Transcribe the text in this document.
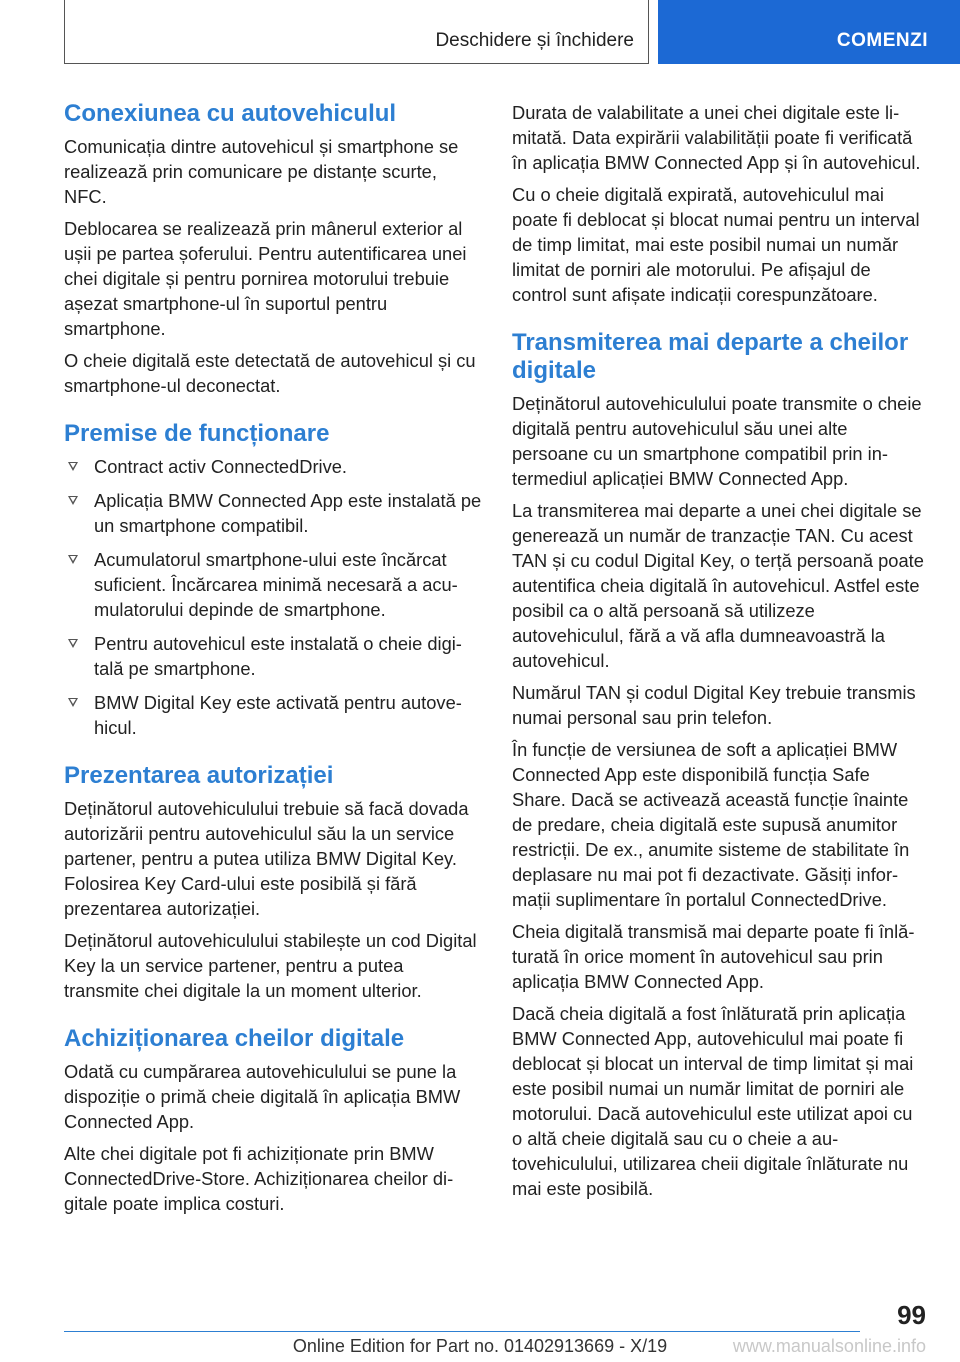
Deschidere și închidere	COMENZI
Conexiunea cu autovehiculul

Comunicația dintre autovehicul și smartphone se realizează prin comunicare pe distanțe scurte, NFC.

Deblocarea se realizează prin mânerul exterior al ușii pe partea șoferului. Pentru autentificarea unei chei digitale și pentru pornirea motorului trebuie așezat smartphone-ul în suportul pentru smartphone.

O cheie digitală este detectată de autovehicul și cu smartphone-ul deconectat.

Premise de funcționare
Contract activ ConnectedDrive.
Aplicația BMW Connected App este instalată pe un smartphone compatibil.
Acumulatorul smartphone-ului este încărcat suficient. Încărcarea minimă necesară a acumulatorului depinde de smartphone.
Pentru autovehicul este instalată o cheie digitală pe smartphone.
BMW Digital Key este activată pentru autovehicul.
Prezentarea autorizației

Deținătorul autovehiculului trebuie să facă dovada autorizării pentru autovehiculul său la un service partener, pentru a putea utiliza BMW Digital Key. Folosirea Key Card-ului este posibilă și fără prezentarea autorizației.

Deținătorul autovehiculului stabilește un cod Digital Key la un service partener, pentru a putea transmite chei digitale la un moment ulterior.

Achiziționarea cheilor digitale

Odată cu cumpărarea autovehiculului se pune la dispoziție o primă cheie digitală în aplicația BMW Connected App.

Alte chei digitale pot fi achiziționate prin BMW ConnectedDrive-Store. Achiziționarea cheilor digitale poate implica costuri.

Durata de valabilitate a unei chei digitale este limitată. Data expirării valabilității poate fi verificată în aplicația BMW Connected App și în autovehicul.

Cu o cheie digitală expirată, autovehiculul mai poate fi deblocat și blocat numai pentru un interval de timp limitat, mai este posibil numai un număr limitat de porniri ale motorului. Pe afișajul de control sunt afișate indicații corespunzătoare.

Transmiterea mai departe a cheilor digitale

Deținătorul autovehiculului poate transmite o cheie digitală pentru autovehiculul său unei alte persoane cu un smartphone compatibil prin intermediul aplicației BMW Connected App.

La transmiterea mai departe a unei chei digitale se generează un număr de tranzacție TAN. Cu acest TAN și cu codul Digital Key, o terță persoană poate autentifica cheia digitală în autovehicul. Astfel este posibil ca o altă persoană să utilizeze autovehiculul, fără a vă afla dumneavoastră la autovehicul.

Numărul TAN și codul Digital Key trebuie transmis numai personal sau prin telefon.

În funcție de versiunea de soft a aplicației BMW Connected App este disponibilă funcția Safe Share. Dacă se activează această funcție înainte de predare, cheia digitală este supusă anumitor restricții. De ex., anumite sisteme de stabilitate în deplasare nu mai pot fi dezactivate. Găsiți informații suplimentare în portalul ConnectedDrive.

Cheia digitală transmisă mai departe poate fi înlăturată în orice moment în autovehicul sau prin aplicația BMW Connected App.

Dacă cheia digitală a fost înlăturată prin aplicația BMW Connected App, autovehiculul mai poate fi deblocat și blocat un interval de timp limitat și mai este posibil numai un număr limitat de porniri ale motorului. Dacă autovehiculul este utilizat apoi cu o altă cheie digitală sau cu o cheie a autovehiculului, utilizarea cheii digitale înlăturate nu mai este posibilă.

99
Online Edition for Part no. 01402913669 - X/19	www.manualsonline.info
